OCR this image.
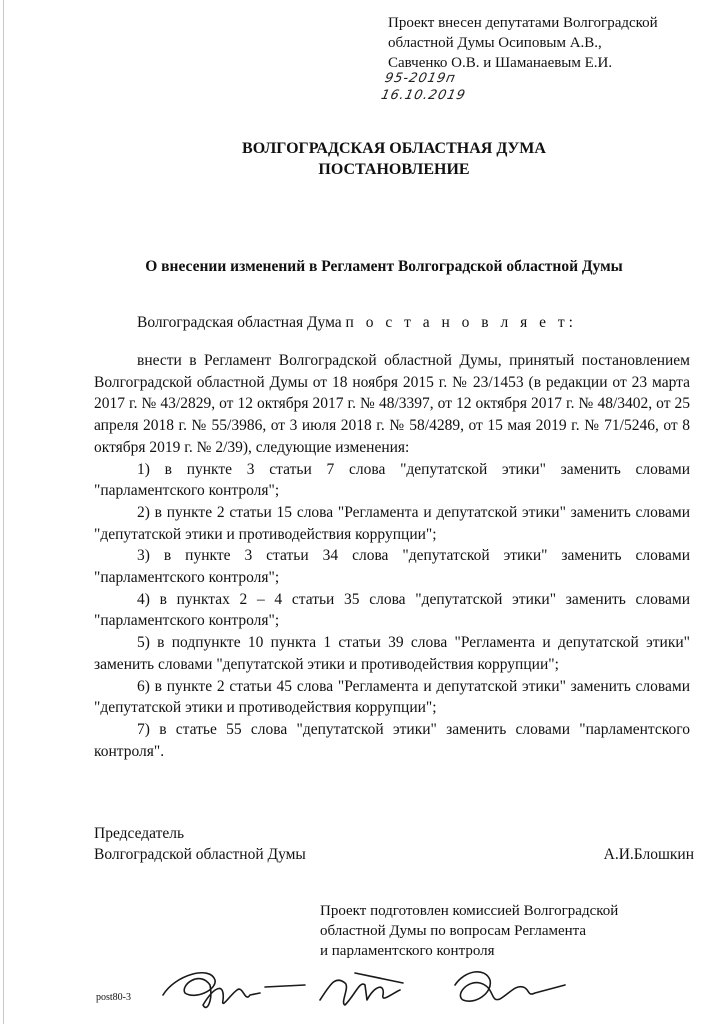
Проект внесен депутатами Волгоградской
областной Думы Осиповым А.В.,
Савченко О.В. и Шаманаевым Е.И.
95-2019п
16.10.2019
ВОЛГОГРАДСКАЯ ОБЛАСТНАЯ ДУМА
ПОСТАНОВЛЕНИЕ
О внесении изменений в Регламент Волгоградской областной Думы
Волгоградская областная Дума п о с т а н о в л я е т:

внести в Регламент Волгоградской областной Думы, принятый постановлением Волгоградской областной Думы от 18 ноября 2015 г. № 23/1453 (в редакции от 23 марта 2017 г. № 43/2829, от 12 октября 2017 г. № 48/3397, от 12 октября 2017 г. № 48/3402, от 25 апреля 2018 г. № 55/3986, от 3 июля 2018 г. № 58/4289, от 15 мая 2019 г. № 71/5246, от 8 октября 2019 г. № 2/39), следующие изменения:

1) в пункте 3 статьи 7 слова "депутатской этики" заменить словами "парламентского контроля";

2) в пункте 2 статьи 15 слова "Регламента и депутатской этики" заменить словами "депутатской этики и противодействия коррупции";

3) в пункте 3 статьи 34 слова "депутатской этики" заменить словами "парламентского контроля";

4) в пунктах 2 – 4 статьи 35 слова "депутатской этики" заменить словами "парламентского контроля";

5) в подпункте 10 пункта 1 статьи 39 слова "Регламента и депутатской этики" заменить словами "депутатской этики и противодействия коррупции";

6) в пункте 2 статьи 45 слова "Регламента и депутатской этики" заменить словами "депутатской этики и противодействия коррупции";

7) в статье 55 слова "депутатской этики" заменить словами "парламентского контроля".

Председатель
Волгоградской областной Думы	А.И.Блошкин
Проект подготовлен комиссией Волгоградской
областной Думы по вопросам Регламента
и парламентского контроля
post80-3
